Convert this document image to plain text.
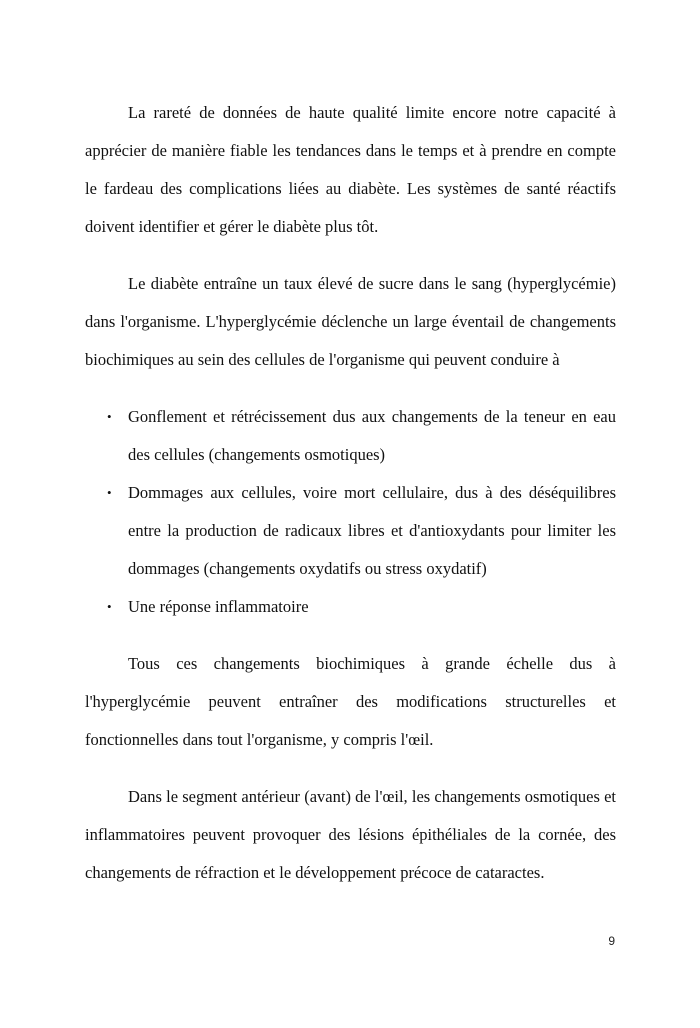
La rareté de données de haute qualité limite encore notre capacité à apprécier de manière fiable les tendances dans le temps et à prendre en compte le fardeau des complications liées au diabète. Les systèmes de santé réactifs doivent identifier et gérer le diabète plus tôt.

Le diabète entraîne un taux élevé de sucre dans le sang (hyperglycémie) dans l'organisme. L'hyperglycémie déclenche un large éventail de changements biochimiques au sein des cellules de l'organisme qui peuvent conduire à

• Gonflement et rétrécissement dus aux changements de la teneur en eau des cellules (changements osmotiques)
• Dommages aux cellules, voire mort cellulaire, dus à des déséquilibres entre la production de radicaux libres et d'antioxydants pour limiter les dommages (changements oxydatifs ou stress oxydatif)
• Une réponse inflammatoire

Tous ces changements biochimiques à grande échelle dus à l'hyperglycémie peuvent entraîner des modifications structurelles et fonctionnelles dans tout l'organisme, y compris l'œil.

Dans le segment antérieur (avant) de l'œil, les changements osmotiques et inflammatoires peuvent provoquer des lésions épithéliales de la cornée, des changements de réfraction et le développement précoce de cataractes.

9
